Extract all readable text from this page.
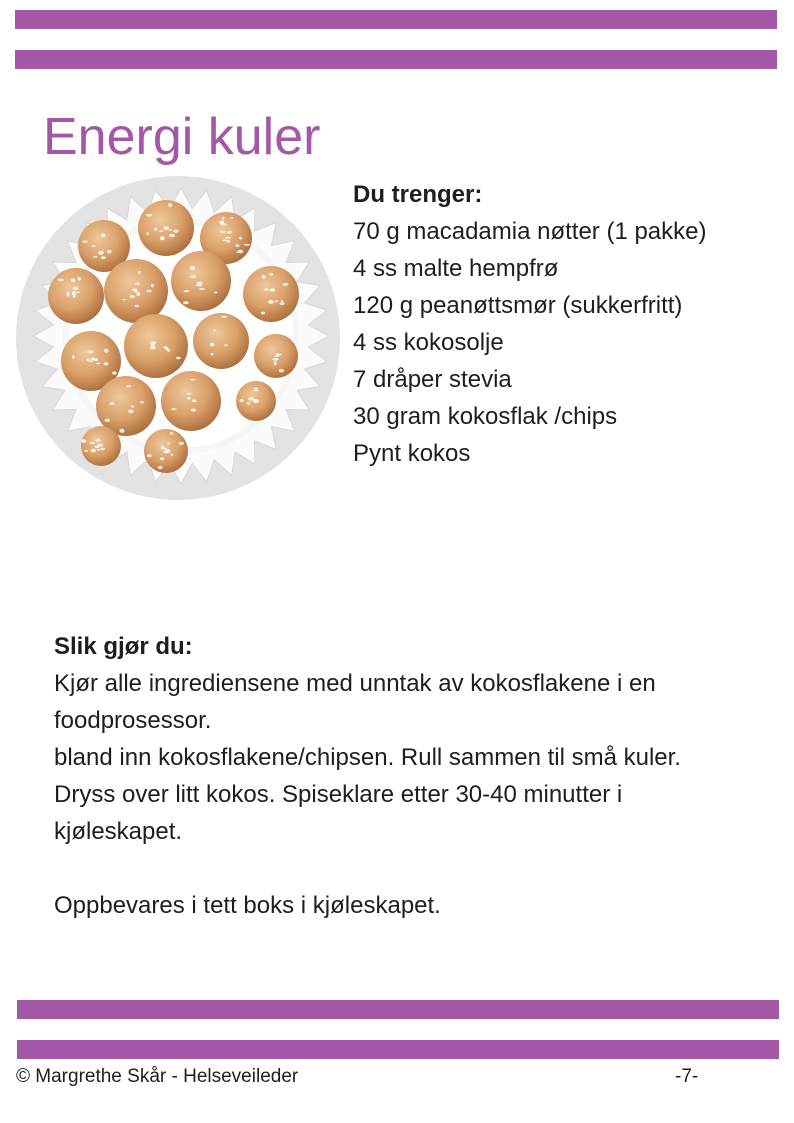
Energi kuler

Du trenger:

70 g macadamia nøtter (1 pakke)
4 ss malte hempfrø
120 g peanøttsmør (sukkerfritt)
4 ss kokosolje
7 dråper stevia
30 gram kokosflak /chips
Pynt kokos

Slik gjør du:

Kjør alle ingrediensene med unntak av kokosflakene i en

foodprosessor.

bland inn kokosflakene/chipsen. Rull sammen til små kuler.

Dryss over litt kokos. Spiseklare etter 30-40 minutter i

kjøleskapet.

Oppbevares i tett boks i kjøleskapet.

© Margrethe Skår - Helseveileder	-7-
